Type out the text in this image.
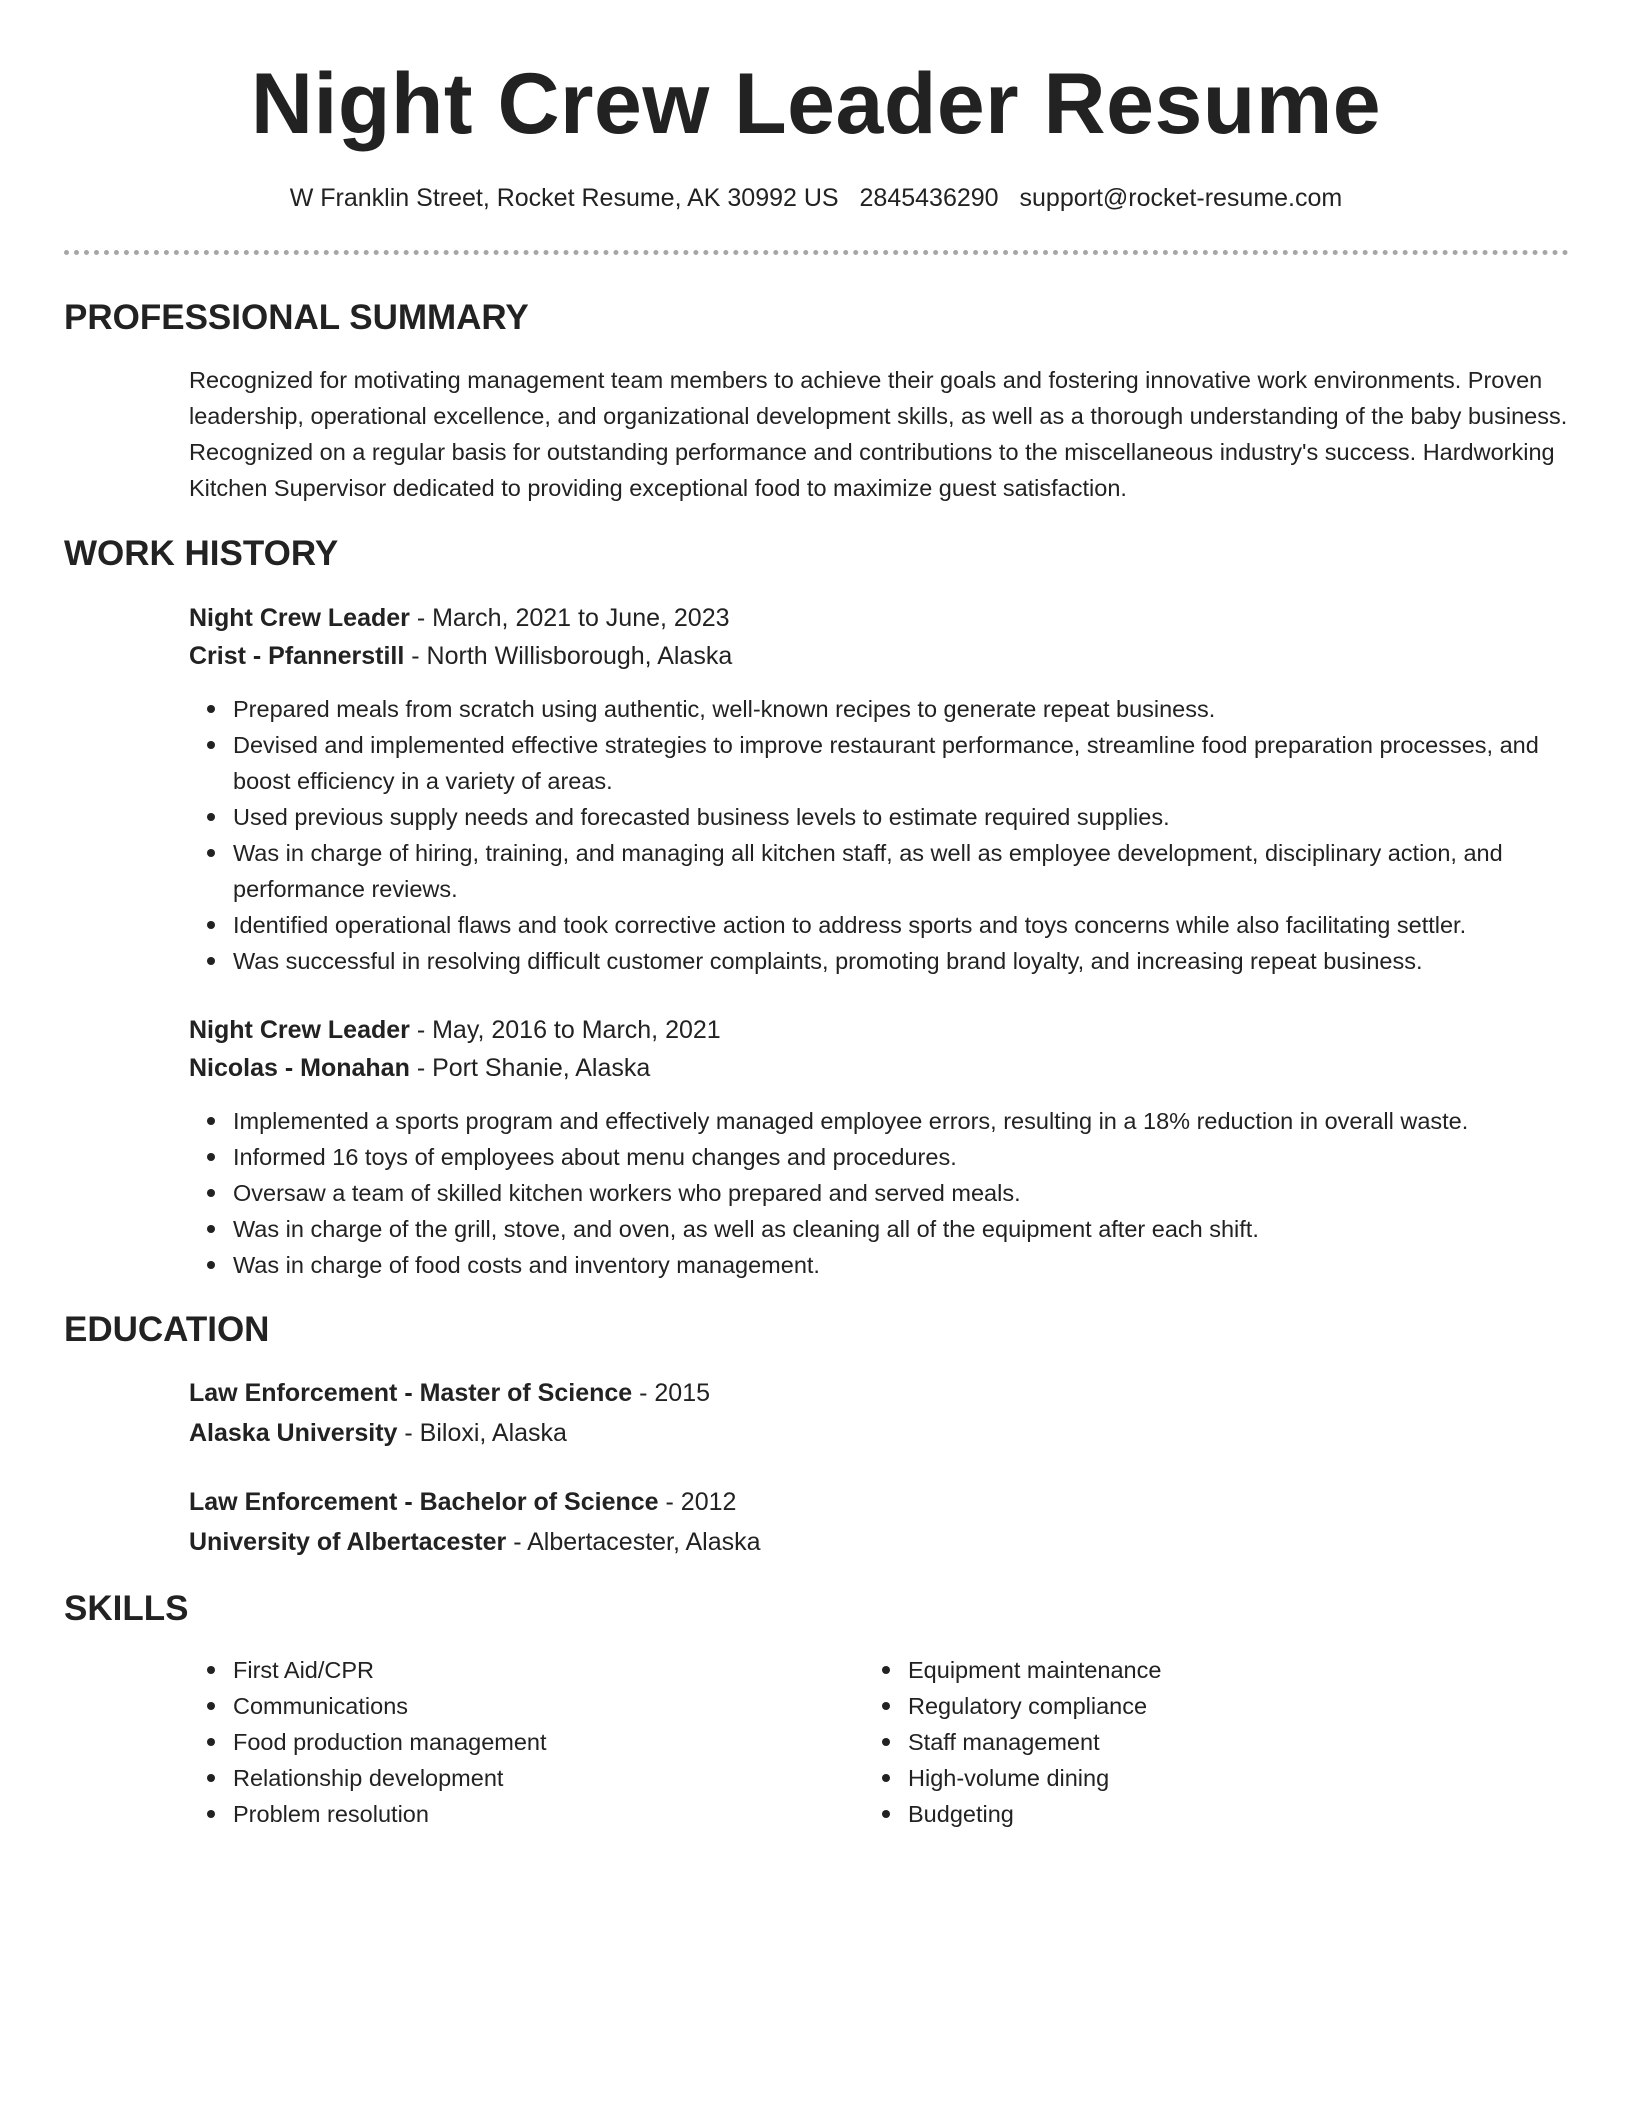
Night Crew Leader Resume
W Franklin Street, Rocket Resume, AK 30992 US 2845436290 support@rocket-resume.com
PROFESSIONAL SUMMARY
Recognized for motivating management team members to achieve their goals and fostering innovative work environments. Proven leadership, operational excellence, and organizational development skills, as well as a thorough understanding of the baby business. Recognized on a regular basis for outstanding performance and contributions to the miscellaneous industry's success. Hardworking Kitchen Supervisor dedicated to providing exceptional food to maximize guest satisfaction.
WORK HISTORY
Night Crew Leader - March, 2021 to June, 2023
Crist - Pfannerstill - North Willisborough, Alaska
Prepared meals from scratch using authentic, well-known recipes to generate repeat business.
Devised and implemented effective strategies to improve restaurant performance, streamline food preparation processes, and boost efficiency in a variety of areas.
Used previous supply needs and forecasted business levels to estimate required supplies.
Was in charge of hiring, training, and managing all kitchen staff, as well as employee development, disciplinary action, and performance reviews.
Identified operational flaws and took corrective action to address sports and toys concerns while also facilitating settler.
Was successful in resolving difficult customer complaints, promoting brand loyalty, and increasing repeat business.
Night Crew Leader - May, 2016 to March, 2021
Nicolas - Monahan - Port Shanie, Alaska
Implemented a sports program and effectively managed employee errors, resulting in a 18% reduction in overall waste.
Informed 16 toys of employees about menu changes and procedures.
Oversaw a team of skilled kitchen workers who prepared and served meals.
Was in charge of the grill, stove, and oven, as well as cleaning all of the equipment after each shift.
Was in charge of food costs and inventory management.
EDUCATION
Law Enforcement - Master of Science - 2015
Alaska University - Biloxi, Alaska
Law Enforcement - Bachelor of Science - 2012
University of Albertacester - Albertacester, Alaska
SKILLS
First Aid/CPR
Communications
Food production management
Relationship development
Problem resolution
Equipment maintenance
Regulatory compliance
Staff management
High-volume dining
Budgeting
